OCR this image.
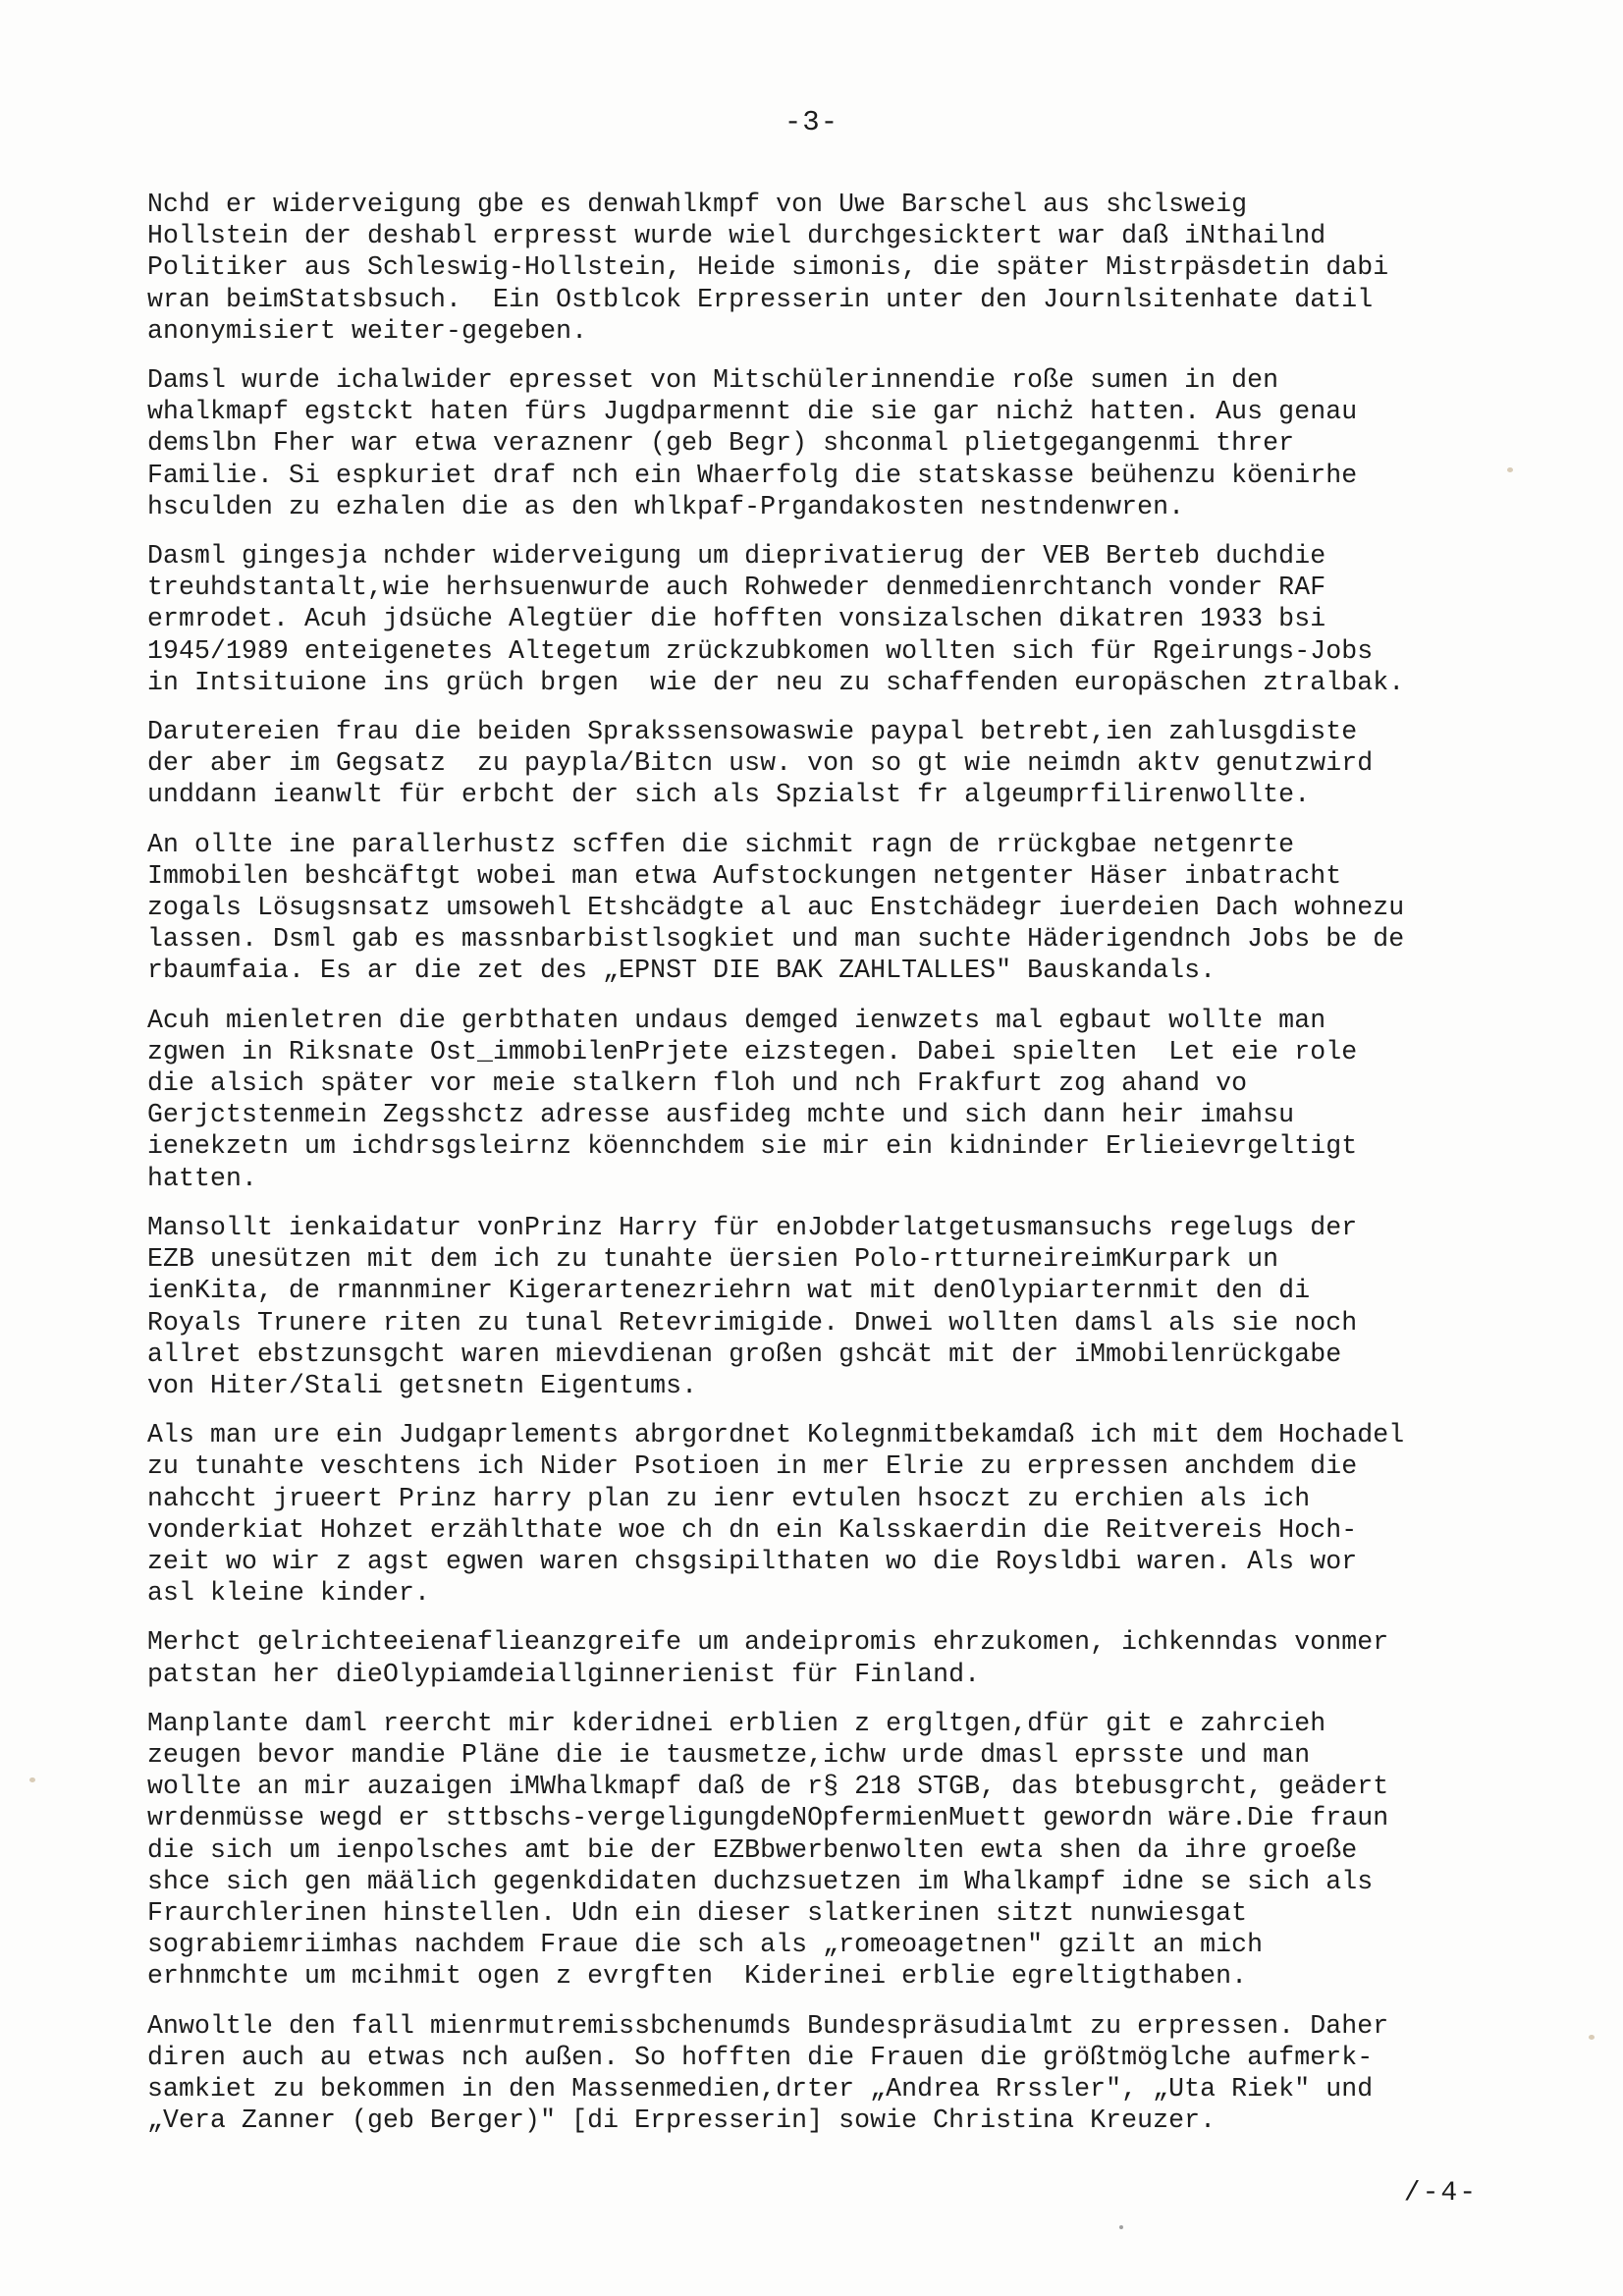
-3-
Nchd er widerveigung gbe es denwahlkmpf von Uwe Barschel aus shclsweig
Hollstein der deshabl erpresst wurde wiel durchgesicktert war daß iNthailnd
Politiker aus Schleswig-Hollstein, Heide simonis, die später Mistrpäsdetin dabi
wran beimStatsbsuch.  Ein Ostblcok Erpresserin unter den Journlsitenhate datil
anonymisiert weiter-gegeben.
Damsl wurde ichalwider epresset von Mitschülerinnendie roße sumen in den
whalkmapf egstckt haten fürs Jugdparmennt die sie gar nichż hatten. Aus genau
demslbn Fher war etwa veraznenr (geb Begr) shconmal plietgegangenmi threr
Familie. Si espkuriet draf nch ein Whaerfolg die statskasse beühenzu köenirhe
hsculden zu ezhalen die as den whlkpaf-Prgandakosten nestndenwren.
Dasml gingesja nchder widerveigung um dieprivatierug der VEB Berteb duchdie
treuhdstantalt,wie herhsuenwurde auch Rohweder denmedienrchtanch vonder RAF
ermrodet. Acuh jdsüche Alegtüer die hofften vonsizalschen dikatren 1933 bsi
1945/1989 enteigenetes Altegetum zrückzubkomen wollten sich für Rgeirungs-Jobs
in Intsituione ins grüch brgen  wie der neu zu schaffenden europäschen ztralbak.
Darutereien frau die beiden Sprakssensowaswie paypal betrebt,ien zahlusgdiste
der aber im Gegsatz  zu paypla/Bitcn usw. von so gt wie neimdn aktv genutzwird
unddann ieanwlt für erbcht der sich als Spzialst fr algeumprfilirenwollte.
An ollte ine parallerhustz scffen die sichmit ragn de rrückgbae netgenrte
Immobilen beshcäftgt wobei man etwa Aufstockungen netgenter Häser inbatracht
zogals Lösugsnsatz umsowehl Etshcädgte al auc Enstchädegr iuerdeien Dach wohnezu
lassen. Dsml gab es massnbarbistlsogkiet und man suchte Häderigendnch Jobs be de
rbaumfaia. Es ar die zet des „EPNST DIE BAK ZAHLTALLES" Bauskandals.
Acuh mienletren die gerbthaten undaus demged ienwzets mal egbaut wollte man
zgwen in Riksnate Ost_immobilenPrjete eizstegen. Dabei spielten  Let eie role
die alsich später vor meie stalkern floh und nch Frakfurt zog ahand vo
Gerjctstenmein Zegsshctz adresse ausfideg mchte und sich dann heir imahsu
ienekzetn um ichdrsgsleirnz köennchdem sie mir ein kidninder Erlieievrgeltigt
hatten.
Mansollt ienkaidatur vonPrinz Harry für enJobderlatgetusmansuchs regelugs der
EZB unesützen mit dem ich zu tunahte üersien Polo-rtturneireimKurpark un
ienKita, de rmannminer Kigerartenezriehrn wat mit denOlypiarternmit den di
Royals Trunere riten zu tunal Retevrimigide. Dnwei wollten damsl als sie noch
allret ebstzunsgcht waren mievdienan großen gshcät mit der iMmobilenrückgabe
von Hiter/Stali getsnetn Eigentums.
Als man ure ein Judgaprlements abrgordnet Kolegnmitbekamdaß ich mit dem Hochadel
zu tunahte veschtens ich Nider Psotioen in mer Elrie zu erpressen anchdem die
nahccht jrueert Prinz harry plan zu ienr evtulen hsoczt zu erchien als ich
vonderkiat Hohzet erzählthate woe ch dn ein Kalsskaerdin die Reitvereis Hoch-
zeit wo wir z agst egwen waren chsgsipilthaten wo die Roysldbi waren. Als wor
asl kleine kinder.
Merhct gelrichteeienaflieanzgreife um andeipromis ehrzukomen, ichkenndas vonmer
patstan her dieOlypiamdeiallginnerienist für Finland.
Manplante daml reercht mir kderidnei erblien z ergltgen,dfür git e zahrcieh
zeugen bevor mandie Pläne die ie tausmetze,ichw urde dmasl eprsste und man
wollte an mir auzaigen iMWhalkmapf daß de r§ 218 STGB, das btebusgrcht, geädert
wrdenmüsse wegd er sttbschs-vergeligungdeNOpfermienMuett gewordn wäre.Die fraun
die sich um ienpolsches amt bie der EZBbwerbenwolten ewta shen da ihre groeße
shce sich gen määlich gegenkdidaten duchzsuetzen im Whalkampf idne se sich als
Fraurchlerinen hinstellen. Udn ein dieser slatkerinen sitzt nunwiesgat
sograbiemriimhas nachdem Fraue die sch als „romeoagetnen" gzilt an mich
erhnmchte um mcihmit ogen z evrgften  Kiderinei erblie egreltigthaben.
Anwoltle den fall mienrmutremissbchenumds Bundespräsudialmt zu erpressen. Daher
diren auch au etwas nch außen. So hofften die Frauen die größtmöglche aufmerk-
samkiet zu bekommen in den Massenmedien,drter „Andrea Rrssler", „Uta Riek" und
„Vera Zanner (geb Berger)" [di Erpresserin] sowie Christina Kreuzer.
/-4-
